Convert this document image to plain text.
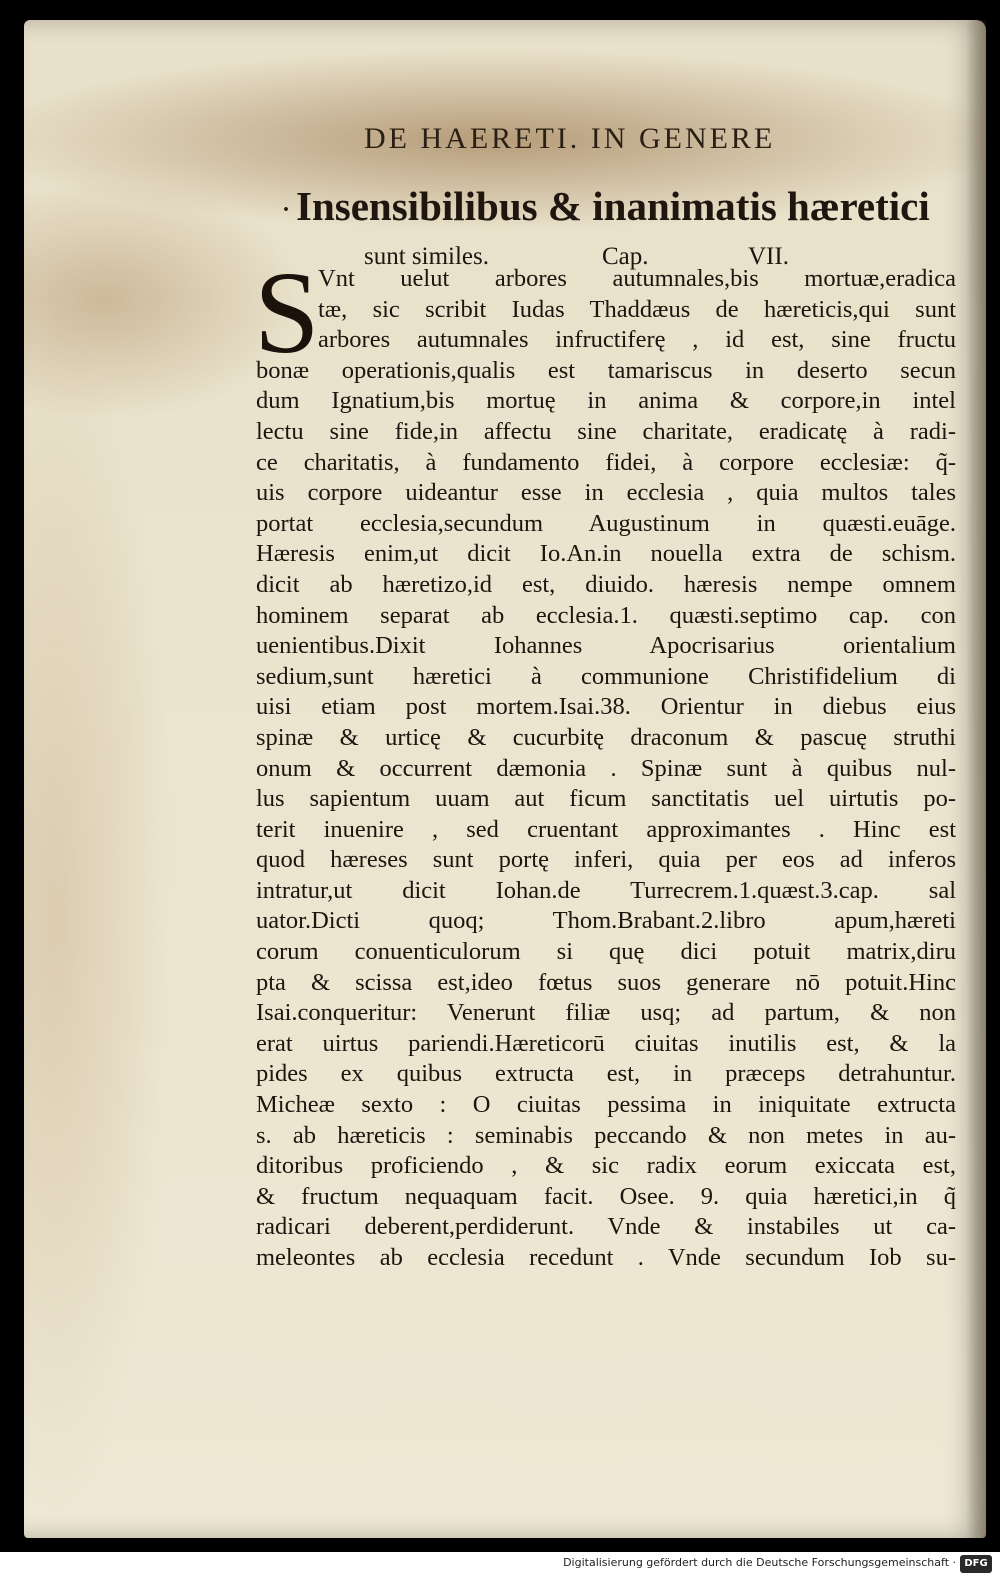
DE HAERETI. IN GENERE
· Insensibilibus & inanimatis hæretici
sunt similes.	Cap.	VII.
S
Vnt uelut arbores autumnales,bis mortuæ,eradica
tæ, sic scribit Iudas Thaddæus de hæreticis,qui sunt
arbores autumnales infructiferę , id est, sine fructu
bonæ operationis,qualis est tamariscus in deserto secun
dum Ignatium,bis mortuę in anima & corpore,in intel
lectu sine fide,in affectu sine charitate, eradicatę à radi-
ce charitatis, à fundamento fidei, à corpore ecclesiæ: q̃-
uis corpore uideantur esse in ecclesia , quia multos tales
portat ecclesia,secundum Augustinum in quæsti.euāge.
Hæresis enim,ut dicit Io.An.in nouella extra de schism.
dicit ab hæretizo,id est, diuido. hæresis nempe omnem
hominem separat ab ecclesia.1. quæsti.septimo cap. con
uenientibus.Dixit Iohannes Apocrisarius orientalium
sedium,sunt hæretici à communione Christifidelium di
uisi etiam post mortem.Isai.38. Orientur in diebus eius
spinæ & urticę & cucurbitę draconum & pascuę struthi
onum & occurrent dæmonia . Spinæ sunt à quibus nul-
lus sapientum uuam aut ficum sanctitatis uel uirtutis po-
terit inuenire , sed cruentant approximantes . Hinc est
quod hæreses sunt portę inferi, quia per eos ad inferos
intratur,ut dicit Iohan.de Turrecrem.1.quæst.3.cap. sal
uator.Dicti quoq; Thom.Brabant.2.libro apum,hæreti
corum conuenticulorum si quę dici potuit matrix,diru
pta & scissa est,ideo fœtus suos generare nō potuit.Hinc
Isai.conqueritur: Venerunt filiæ usq; ad partum, & non
erat uirtus pariendi.Hæreticorū ciuitas inutilis est, & la
pides ex quibus extructa est, in præceps detrahuntur.
Micheæ sexto : O ciuitas pessima in iniquitate extructa
s. ab hæreticis : seminabis peccando & non metes in au-
ditoribus proficiendo , & sic radix eorum exiccata est,
& fructum nequaquam facit. Osee. 9. quia hæretici,in q̃
radicari deberent,perdiderunt. Vnde & instabiles ut ca-
meleontes ab ecclesia recedunt . Vnde secundum Iob su-
Digitalisierung gefördert durch die Deutsche Forschungsgemeinschaft · DFG
